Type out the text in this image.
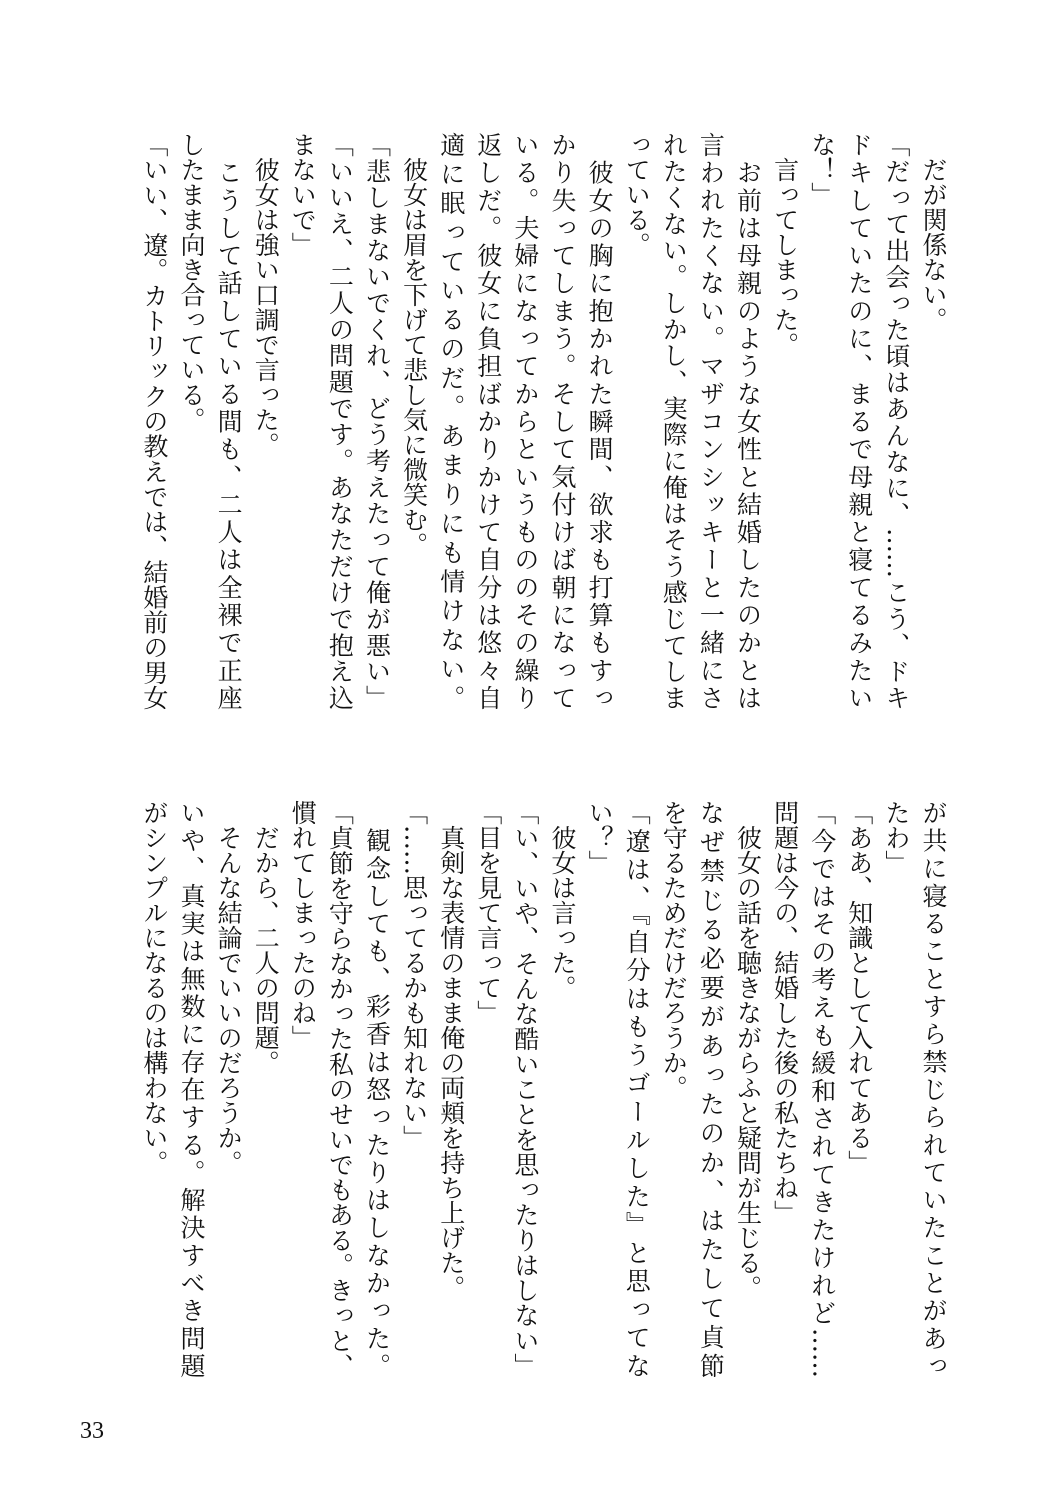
　だが関係ない。
「だって出会った頃はあんなに、……こう、ドキ
ドキしていたのに、まるで母親と寝てるみたい
な！」
　言ってしまった。
　お前は母親のような女性と結婚したのかとは
言われたくない。マザコンシッキーと一緒にさ
れたくない。しかし、実際に俺はそう感じてしま
っている。
　彼女の胸に抱かれた瞬間、欲求も打算もすっ
かり失ってしまう。そして気付けば朝になって
いる。夫婦になってからというもののその繰り
返しだ。彼女に負担ばかりかけて自分は悠々自
適に眠っているのだ。あまりにも情けない。
　彼女は眉を下げて悲し気に微笑む。
「悲しまないでくれ、どう考えたって俺が悪い」
「いいえ、二人の問題です。あなただけで抱え込
まないで」
　彼女は強い口調で言った。
　こうして話している間も、二人は全裸で正座
したまま向き合っている。
「いい、遼。カトリックの教えでは、結婚前の男女
が共に寝ることすら禁じられていたことがあっ
たわ」
「ああ、知識として入れてある」
「今ではその考えも緩和されてきたけれど……
問題は今の、結婚した後の私たちね」
　彼女の話を聴きながらふと疑問が生じる。
なぜ禁じる必要があったのか、はたして貞節
を守るためだけだろうか。
「遼は、『自分はもうゴールした』と思ってな
い？」
　彼女は言った。
「い、いや、そんな酷いことを思ったりはしない」
「目を見て言って」
　真剣な表情のまま俺の両頬を持ち上げた。
「……思ってるかも知れない」
　観念しても、彩香は怒ったりはしなかった。
「貞節を守らなかった私のせいでもある。きっと、
慣れてしまったのね」
　だから、二人の問題。
　そんな結論でいいのだろうか。
いや、真実は無数に存在する。解決すべき問題
がシンプルになるのは構わない。
33
